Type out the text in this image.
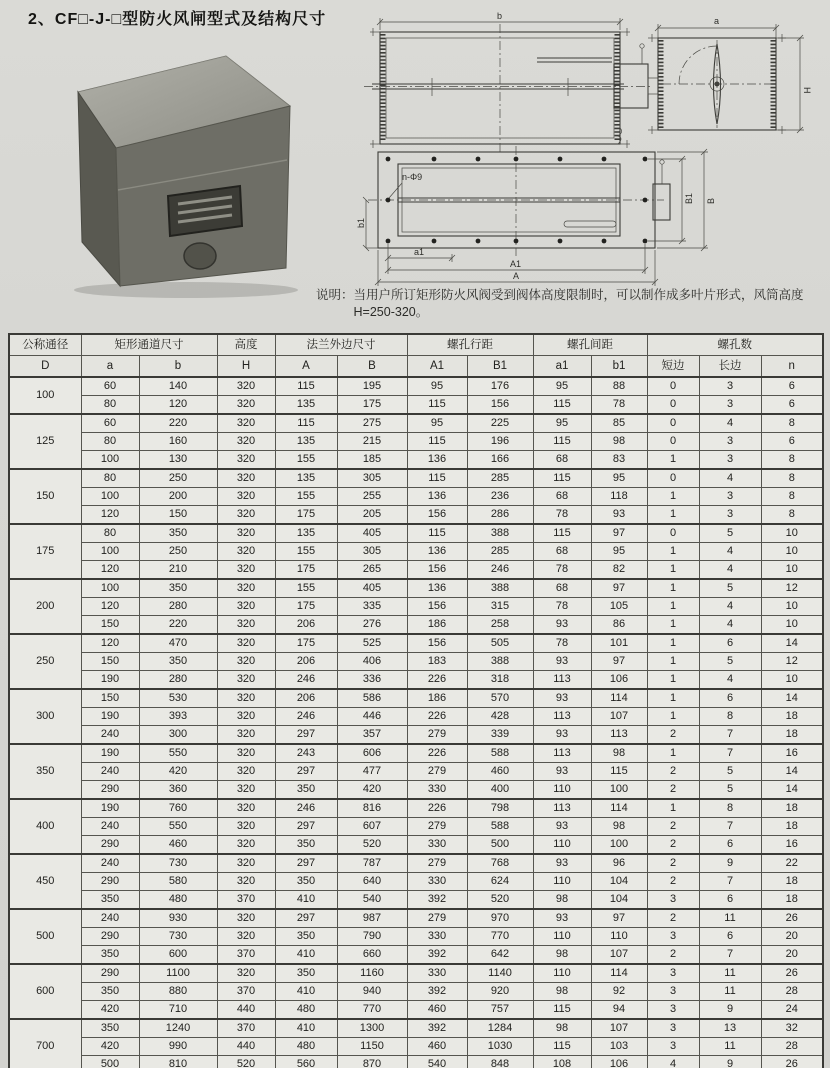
2、CF□-J-□型防火风闸型式及结构尺寸	b	a
H
n-Φ9
b1
a1
A1
A
B1 B
说明： 当用户所订矩形防火风阀受到阀体高度限制时，可以制作成多叶片形式，风筒高度H=250-320。
公称通径	矩形通道尺寸		高度	法兰外边尺寸		螺孔行距		螺孔间距		螺孔数		
D	a	b	H	A	B	A1	B1	a1	b1	短边	长边	n
100	60	140	320	115	195	95	176	95	88	0	3	6
	80	120	320	135	175	115	156	115	78	0	3	6
125	60	220	320	115	275	95	225	95	85	0	4	8
	80	160	320	135	215	115	196	115	98	0	3	6
	100	130	320	155	185	136	166	68	83	1	3	8
150	80	250	320	135	305	115	285	115	95	0	4	8
	100	200	320	155	255	136	236	68	118	1	3	8
	120	150	320	175	205	156	286	78	93	1	3	8
175	80	350	320	135	405	115	388	115	97	0	5	10
	100	250	320	155	305	136	285	68	95	1	4	10
	120	210	320	175	265	156	246	78	82	1	4	10
200	100	350	320	155	405	136	388	68	97	1	5	12
	120	280	320	175	335	156	315	78	105	1	4	10
	150	220	320	206	276	186	258	93	86	1	4	10
250	120	470	320	175	525	156	505	78	101	1	6	14
	150	350	320	206	406	183	388	93	97	1	5	12
	190	280	320	246	336	226	318	113	106	1	4	10
300	150	530	320	206	586	186	570	93	114	1	6	14
	190	393	320	246	446	226	428	113	107	1	8	18
	240	300	320	297	357	279	339	93	113	2	7	18
350	190	550	320	243	606	226	588	113	98	1	7	16
	240	420	320	297	477	279	460	93	115	2	5	14
	290	360	320	350	420	330	400	110	100	2	5	14
400	190	760	320	246	816	226	798	113	114	1	8	18
	240	550	320	297	607	279	588	93	98	2	7	18
	290	460	320	350	520	330	500	110	100	2	6	16
450	240	730	320	297	787	279	768	93	96	2	9	22
	290	580	320	350	640	330	624	110	104	2	7	18
	350	480	370	410	540	392	520	98	104	3	6	18
500	240	930	320	297	987	279	970	93	97	2	11	26
	290	730	320	350	790	330	770	110	110	3	6	20
	350	600	370	410	660	392	642	98	107	2	7	20
600	290	1100	320	350	1160	330	1140	110	114	3	11	26
	350	880	370	410	940	392	920	98	92	3	11	28
	420	710	440	480	770	460	757	115	94	3	9	24
700	350	1240	370	410	1300	392	1284	98	107	3	13	32
	420	990	440	480	1150	460	1030	115	103	3	11	28
	500	810	520	560	870	540	848	108	106	4	9	26
